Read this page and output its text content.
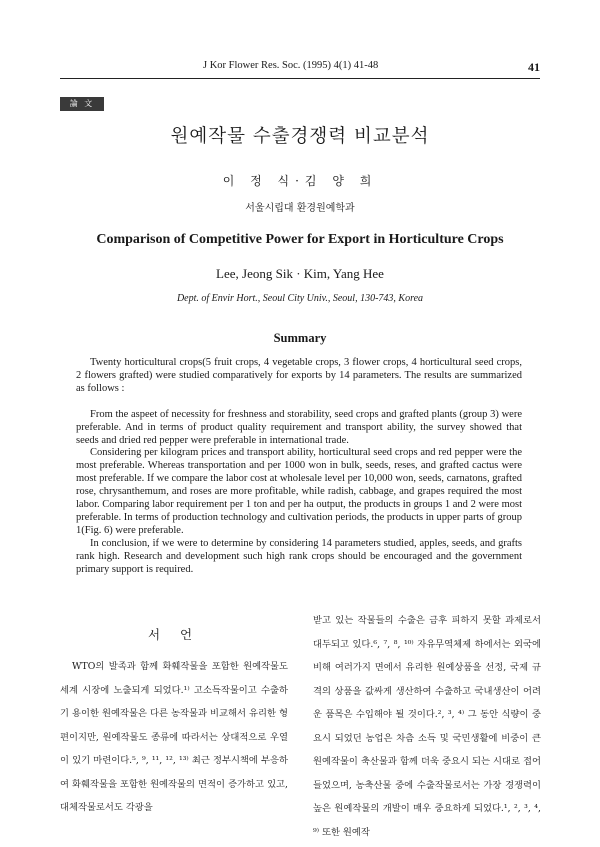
J Kor Flower Res. Soc. (1995) 4(1) 41-48	41
論 文
원예작물 수출경쟁력 비교분석
이 정 식·김 양 희
서울시립대 환경원예학과
Comparison of Competitive Power for Export in Horticulture Crops
Lee, Jeong Sik · Kim, Yang Hee
Dept. of Envir Hort., Seoul City Univ., Seoul, 130-743, Korea
Summary

Twenty horticultural crops(5 fruit crops, 4 vegetable crops, 3 flower crops, 4 horticultural seed crops, 2 flowers grafted) were studied comparatively for exports by 14 parameters. The results are summarized as follows :

From the aspeet of necessity for freshness and storability, seed crops and grafted plants (group 3) were preferable. And in terms of product quality requirement and transport ability, the survey showed that seeds and dried red pepper were preferable in international trade.

Considering per kilogram prices and transport ability, horticultural seed crops and red pepper were the most preferable. Whereas transportation and per 1000 won in bulk, seeds, reses, and grafted cactus were most preferable. If we compare the labor cost at wholesale level per 10,000 won, seeds, carnatons, grafted rose, chrysanthemum, and roses are more profitable, while radish, cabbage, and grapes required the most labor. Comparing labor requirement per 1 ton and per ha output, the products in groups 1 and 2 were most preferable. In terms of production technology and cultivation periods, the products in upper parts of group 1(Fig. 6) were preferable.

In conclusion, if we were to determine by considering 14 parameters studied, apples, seeds, and grafts rank high. Research and development such high rank crops should be encouraged and the government primary support is required.

서 언

WTO의 발족과 함께 화훼작물을 포함한 원예작물도 세계 시장에 노출되게 되었다.¹⁾ 고소득작물이고 수출하기 용이한 원예작물은 다른 농작물과 비교해서 유리한 형편이지만, 원예작물도 종류에 따라서는 상대적으로 우열이 있기 마련이다.⁵, ⁹, ¹¹, ¹², ¹³⁾ 최근 정부시책에 부응하여 화훼작물을 포함한 원예작물의 면적이 증가하고 있고, 대체작물로서도 각광을

받고 있는 작물들의 수출은 금후 피하지 못할 과제로서 대두되고 있다.⁶, ⁷, ⁸, ¹⁰⁾ 자유무역체제 하에서는 외국에 비해 여러가지 면에서 유리한 원예상품을 선정, 국제 규격의 상품을 값싸게 생산하여 수출하고 국내생산이 어려운 품목은 수입해야 될 것이다.², ³, ⁴⁾ 그 동안 식량이 중요시 되었던 농업은 차츰 소득 및 국민생활에 비중이 큰 원예작물이 축산물과 함께 더욱 중요시 되는 시대로 접어들었으며, 농축산물 중에 수출작물로서는 가장 경쟁력이 높은 원예작물의 개발이 매우 중요하게 되었다.¹, ², ³, ⁴, ⁹⁾ 또한 원예작
